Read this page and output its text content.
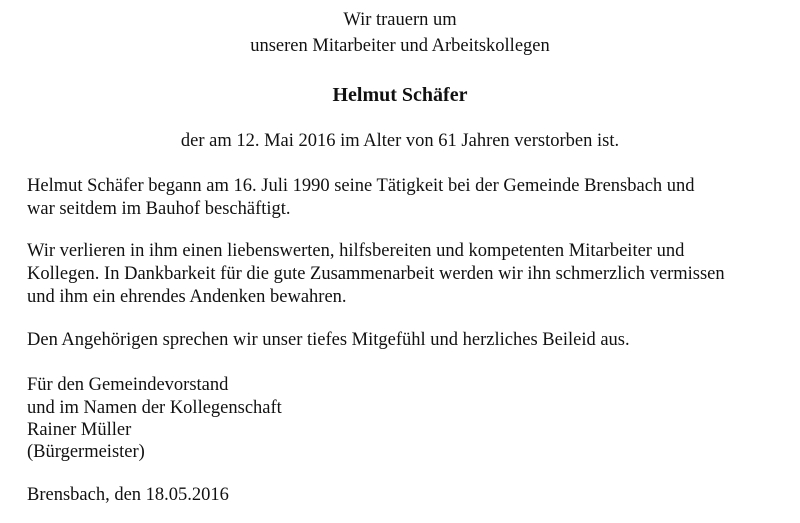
Wir trauern um
unseren Mitarbeiter und Arbeitskollegen
Helmut Schäfer
der am 12. Mai 2016 im Alter von 61 Jahren verstorben ist.
Helmut Schäfer begann am 16. Juli 1990 seine Tätigkeit bei der Gemeinde Brensbach und
war seitdem im Bauhof beschäftigt.
Wir verlieren in ihm einen liebenswerten, hilfsbereiten und kompetenten Mitarbeiter und
Kollegen. In Dankbarkeit für die gute Zusammenarbeit werden wir ihn schmerzlich vermissen
und ihm ein ehrendes Andenken bewahren.
Den Angehörigen sprechen wir unser tiefes Mitgefühl und herzliches Beileid aus.
Für den Gemeindevorstand
und im Namen der Kollegenschaft
Rainer Müller
(Bürgermeister)
Brensbach, den 18.05.2016
